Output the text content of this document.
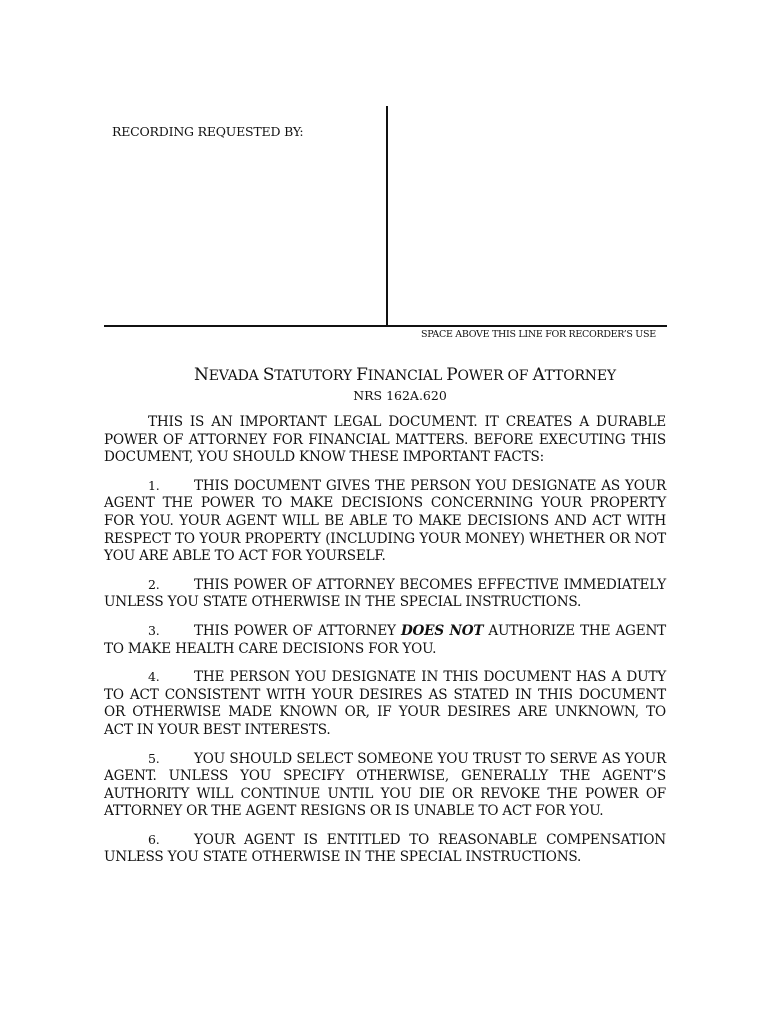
RECORDING REQUESTED BY:
SPACE ABOVE THIS LINE FOR RECORDER’S USE
NEVADA STATUTORY FINANCIAL POWER OF ATTORNEY
NRS 162A.620

THIS IS AN IMPORTANT LEGAL DOCUMENT. IT CREATES A DURABLE POWER OF ATTORNEY FOR FINANCIAL MATTERS. BEFORE EXECUTING THIS DOCUMENT, YOU SHOULD KNOW THESE IMPORTANT FACTS:

1.	THIS DOCUMENT GIVES THE PERSON YOU DESIGNATE AS YOUR AGENT THE POWER TO MAKE DECISIONS CONCERNING YOUR PROPERTY FOR YOU. YOUR AGENT WILL BE ABLE TO MAKE DECISIONS AND ACT WITH RESPECT TO YOUR PROPERTY (INCLUDING YOUR MONEY) WHETHER OR NOT YOU ARE ABLE TO ACT FOR YOURSELF.

2.	THIS POWER OF ATTORNEY BECOMES EFFECTIVE IMMEDIATELY UNLESS YOU STATE OTHERWISE IN THE SPECIAL INSTRUCTIONS.

3.	THIS POWER OF ATTORNEY DOES NOT AUTHORIZE THE AGENT TO MAKE HEALTH CARE DECISIONS FOR YOU.

4.	THE PERSON YOU DESIGNATE IN THIS DOCUMENT HAS A DUTY TO ACT CONSISTENT WITH YOUR DESIRES AS STATED IN THIS DOCUMENT OR OTHERWISE MADE KNOWN OR, IF YOUR DESIRES ARE UNKNOWN, TO ACT IN YOUR BEST INTERESTS.

5.	YOU SHOULD SELECT SOMEONE YOU TRUST TO SERVE AS YOUR AGENT. UNLESS YOU SPECIFY OTHERWISE, GENERALLY THE AGENT’S AUTHORITY WILL CONTINUE UNTIL YOU DIE OR REVOKE THE POWER OF ATTORNEY OR THE AGENT RESIGNS OR IS UNABLE TO ACT FOR YOU.

6.	YOUR AGENT IS ENTITLED TO REASONABLE COMPENSATION UNLESS YOU STATE OTHERWISE IN THE SPECIAL INSTRUCTIONS.
